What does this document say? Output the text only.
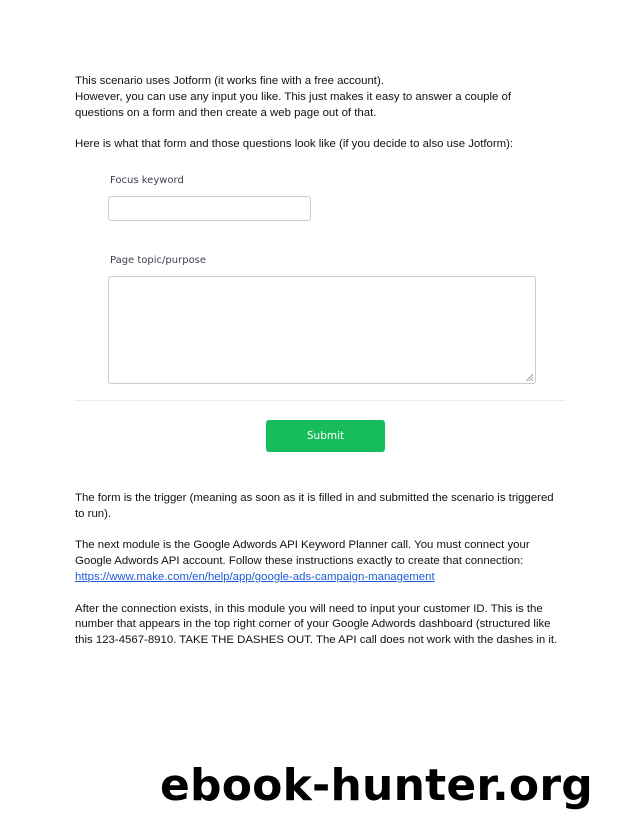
This scenario uses Jotform (it works fine with a free account).

However, you can use any input you like. This just makes it easy to answer a couple of

questions on a form and then create a web page out of that.

Here is what that form and those questions look like (if you decide to also use Jotform):

Focus keyword
Page topic/purpose
Submit

The form is the trigger (meaning as soon as it is filled in and submitted the scenario is triggered

to run).

The next module is the Google Adwords API Keyword Planner call. You must connect your

Google Adwords API account. Follow these instructions exactly to create that connection:

https://www.make.com/en/help/app/google-ads-campaign-management

After the connection exists, in this module you will need to input your customer ID. This is the

number that appears in the top right corner of your Google Adwords dashboard (structured like

this 123-4567-8910. TAKE THE DASHES OUT. The API call does not work with the dashes in it.

ebook-hunter.org
